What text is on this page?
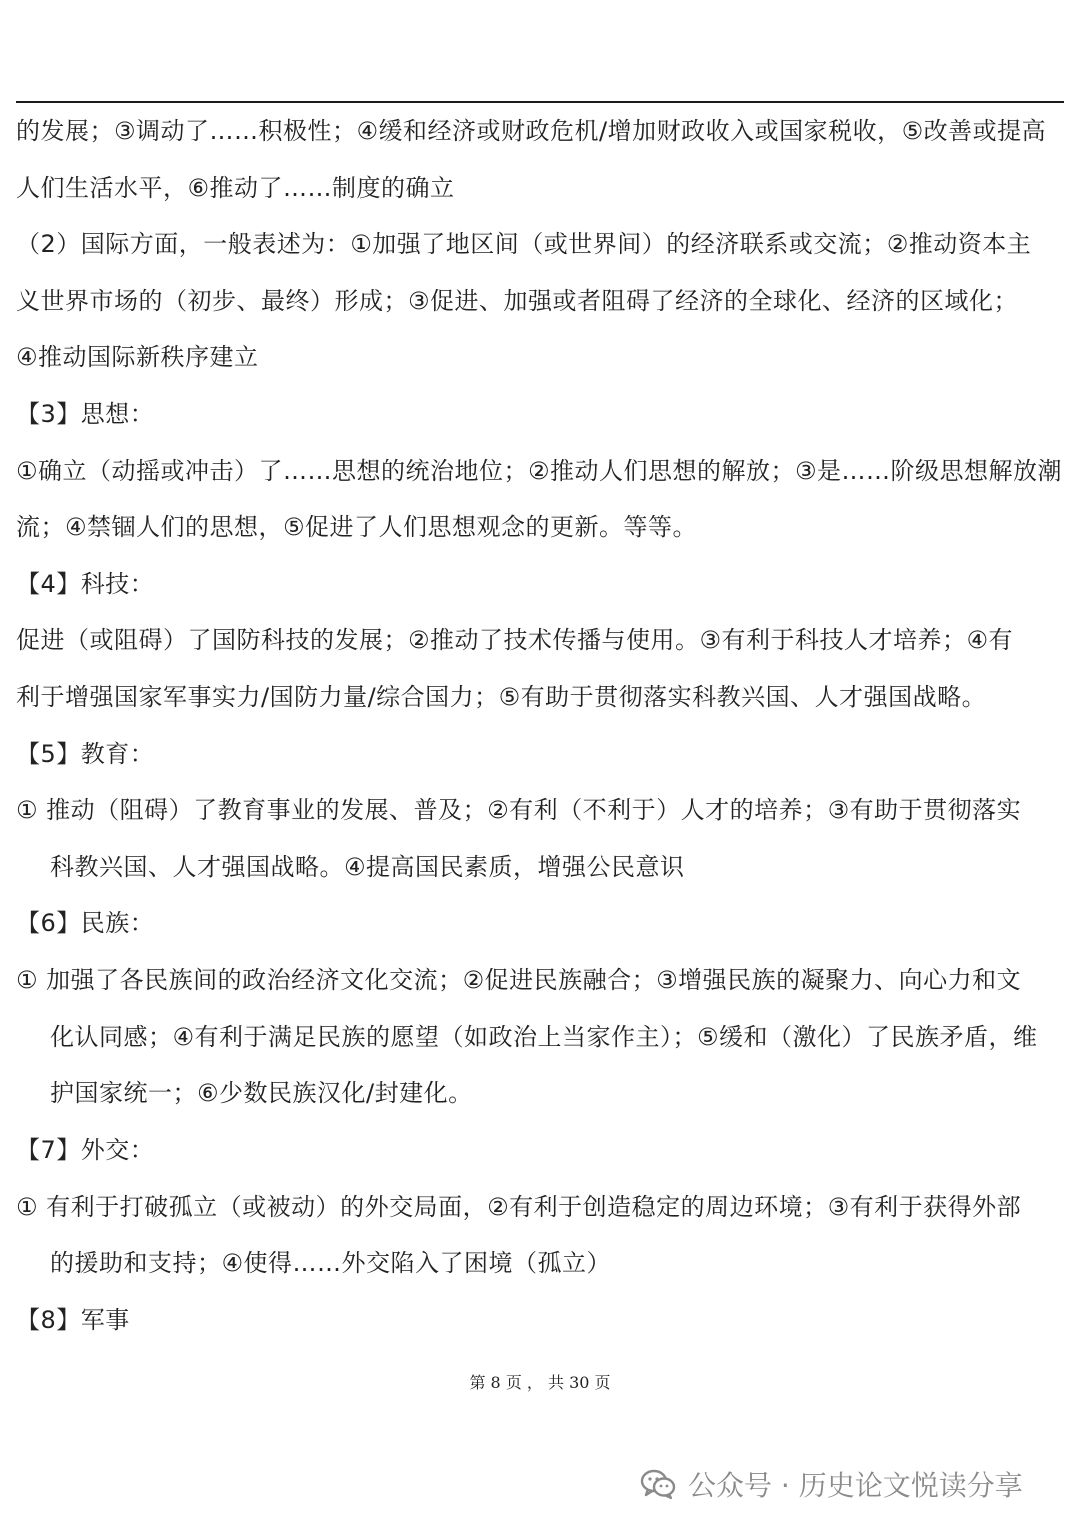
的发展；③调动了……积极性；④缓和经济或财政危机/增加财政收入或国家税收，⑤改善或提高
人们生活水平，⑥推动了……制度的确立
（2）国际方面，一般表述为：①加强了地区间（或世界间）的经济联系或交流；②推动资本主
义世界市场的（初步、最终）形成；③促进、加强或者阻碍了经济的全球化、经济的区域化；
④推动国际新秩序建立
【3】思想：
①确立（动摇或冲击）了……思想的统治地位；②推动人们思想的解放；③是……阶级思想解放潮
流；④禁锢人们的思想，⑤促进了人们思想观念的更新。等等。
【4】科技：
促进（或阻碍）了国防科技的发展；②推动了技术传播与使用。③有利于科技人才培养；④有
利于增强国家军事实力/国防力量/综合国力；⑤有助于贯彻落实科教兴国、人才强国战略。
【5】教育：
① 推动（阻碍）了教育事业的发展、普及；②有利（不利于）人才的培养；③有助于贯彻落实
科教兴国、人才强国战略。④提高国民素质，增强公民意识
【6】民族：
① 加强了各民族间的政治经济文化交流；②促进民族融合；③增强民族的凝聚力、向心力和文
化认同感；④有利于满足民族的愿望（如政治上当家作主）；⑤缓和（激化）了民族矛盾，维
护国家统一；⑥少数民族汉化/封建化。
【7】外交：
① 有利于打破孤立（或被动）的外交局面，②有利于创造稳定的周边环境；③有利于获得外部
的援助和支持；④使得……外交陷入了困境（孤立）
【8】军事
第 8 页 ， 共 30 页
公众号 · 历史论文悦读分享
